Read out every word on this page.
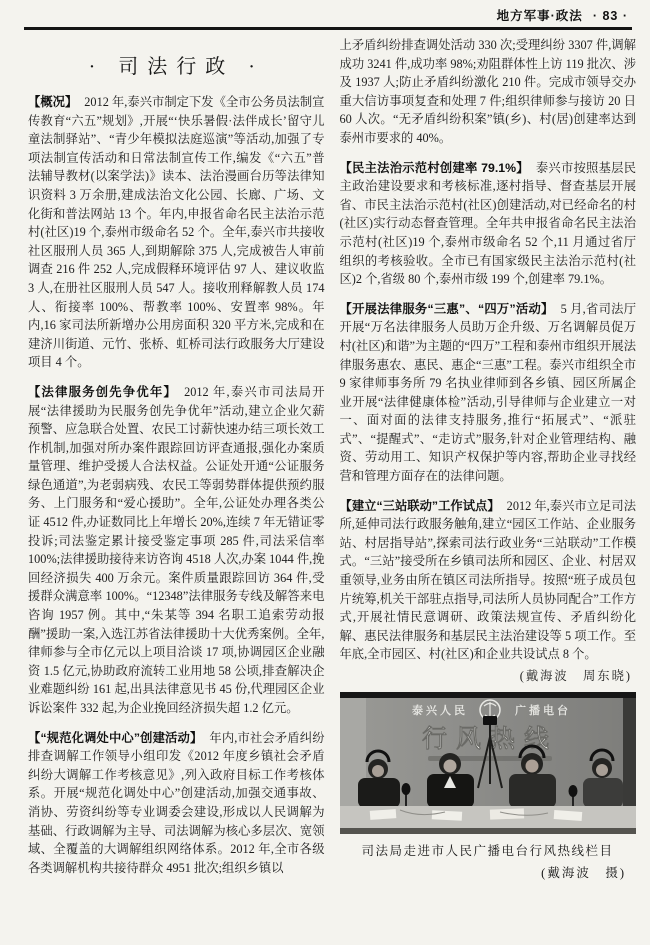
地方军事·政法 · 83 ·
· 司法行政 ·

【概况】 2012 年,泰兴市制定下发《全市公务员法制宣传教育“六五”规划》,开展“‘快乐暑假·法伴成长’留守儿童法制驿站”、“青少年模拟法庭巡演”等活动,加强了专项法制宣传活动和日常法制宣传工作,编发《“六五”普法辅导教材(以案学法)》读本、法治漫画台历等法律知识资料 3 万余册,建成法治文化公园、长廊、广场、文化街和普法网站 13 个。年内,申报省命名民主法治示范村(社区)19 个,泰州市级命名 52 个。全年,泰兴市共接收社区服刑人员 365 人,到期解除 375 人,完成被告人审前调查 216 件 252 人,完成假释环境评估 97 人、建议收监 3 人,在册社区服刑人员 547 人。接收刑释解教人员 174 人、衔接率 100%、帮教率 100%、安置率 98%。年内,16 家司法所新增办公用房面积 320 平方米,完成和在建济川街道、元竹、张桥、虹桥司法行政服务大厅建设项目 4 个。

【法律服务创先争优年】 2012 年,泰兴市司法局开展“法律援助为民服务创先争优年”活动,建立企业欠薪预警、应急联合处置、农民工讨薪快速办结三项长效工作机制,加强对所办案件跟踪回访评查通报,强化办案质量管理、维护受援人合法权益。公证处开通“公证服务绿色通道”,为老弱病残、农民工等弱势群体提供预约服务、上门服务和“爱心援助”。全年,公证处办理各类公证 4512 件,办证数同比上年增长 20%,连续 7 年无错证零投诉;司法鉴定累计接受鉴定事项 285 件,司法采信率 100%;法律援助接待来访咨询 4518 人次,办案 1044 件,挽回经济损失 400 万余元。案件质量跟踪回访 364 件,受援群众满意率 100%。“12348”法律服务专线及解答来电咨询 1957 例。其中,“朱某等 394 名职工追索劳动报酬”援助一案,入选江苏省法律援助十大优秀案例。全年,律师参与全市亿元以上项目洽谈 17 项,协调园区企业融资 1.5 亿元,协助政府流转工业用地 58 公顷,排查解决企业难题纠纷 161 起,出具法律意见书 45 份,代理园区企业诉讼案件 332 起,为企业挽回经济损失超 1.2 亿元。

【“规范化调处中心”创建活动】 年内,市社会矛盾纠纷排查调解工作领导小组印发《2012 年度乡镇社会矛盾纠纷大调解工作考核意见》,列入政府目标工作考核体系。开展“规范化调处中心”创建活动,加强交通事故、消协、劳资纠纷等专业调委会建设,形成以人民调解为基础、行政调解为主导、司法调解为核心多层次、宽领域、全覆盖的大调解组织网络体系。2012 年,全市各级各类调解机构共接待群众 4951 批次;组织乡镇以

上矛盾纠纷排查调处活动 330 次;受理纠纷 3307 件,调解成功 3241 件,成功率 98%;劝阻群体性上访 119 批次、涉及 1937 人;防止矛盾纠纷激化 210 件。完成市领导交办重大信访事项复查和处理 7 件;组织律师参与接访 20 日 60 人次。“无矛盾纠纷积案”镇(乡)、村(居)创建率达到泰州市要求的 40%。

【民主法治示范村创建率 79.1%】 泰兴市按照基层民主政治建设要求和考核标准,逐村指导、督查基层开展省、市民主法治示范村(社区)创建活动,对已经命名的村(社区)实行动态督查管理。全年共申报省命名民主法治示范村(社区)19 个,泰州市级命名 52 个,11 月通过省厅组织的考核验收。全市已有国家级民主法治示范村(社区)2 个,省级 80 个,泰州市级 199 个,创建率 79.1%。

【开展法律服务“三惠”、“四万”活动】 5 月,省司法厅开展“万名法律服务人员助万企升级、万名调解员促万村(社区)和谐”为主题的“四万”工程和泰州市组织开展法律服务惠农、惠民、惠企“三惠”工程。泰兴市组织全市 9 家律师事务所 79 名执业律师到各乡镇、园区所属企业开展“法律健康体检”活动,引导律师与企业建立一对一、面对面的法律支持服务,推行“拓展式”、“派驻式”、“提醒式”、“走访式”服务,针对企业管理结构、融资、劳动用工、知识产权保护等内容,帮助企业寻找经营和管理方面存在的法律问题。

【建立“三站联动”工作试点】 2012 年,泰兴市立足司法所,延伸司法行政服务触角,建立“园区工作站、企业服务站、村居指导站”,探索司法行政业务“三站联动”工作模式。“三站”接受所在乡镇司法所和园区、企业、村居双重领导,业务由所在镇区司法所指导。按照“班子成员包片统筹,机关干部驻点指导,司法所人员协同配合”工作方式,开展社情民意调研、政策法规宣传、矛盾纠纷化解、惠民法律服务和基层民主法治建设等 5 项工作。至年底,全市园区、村(社区)和企业共设试点 8 个。

(戴海波　周东晓)
泰兴人民	广播电台
行风热线
司法局走进市人民广播电台行风热线栏目
(戴海波　摄)
